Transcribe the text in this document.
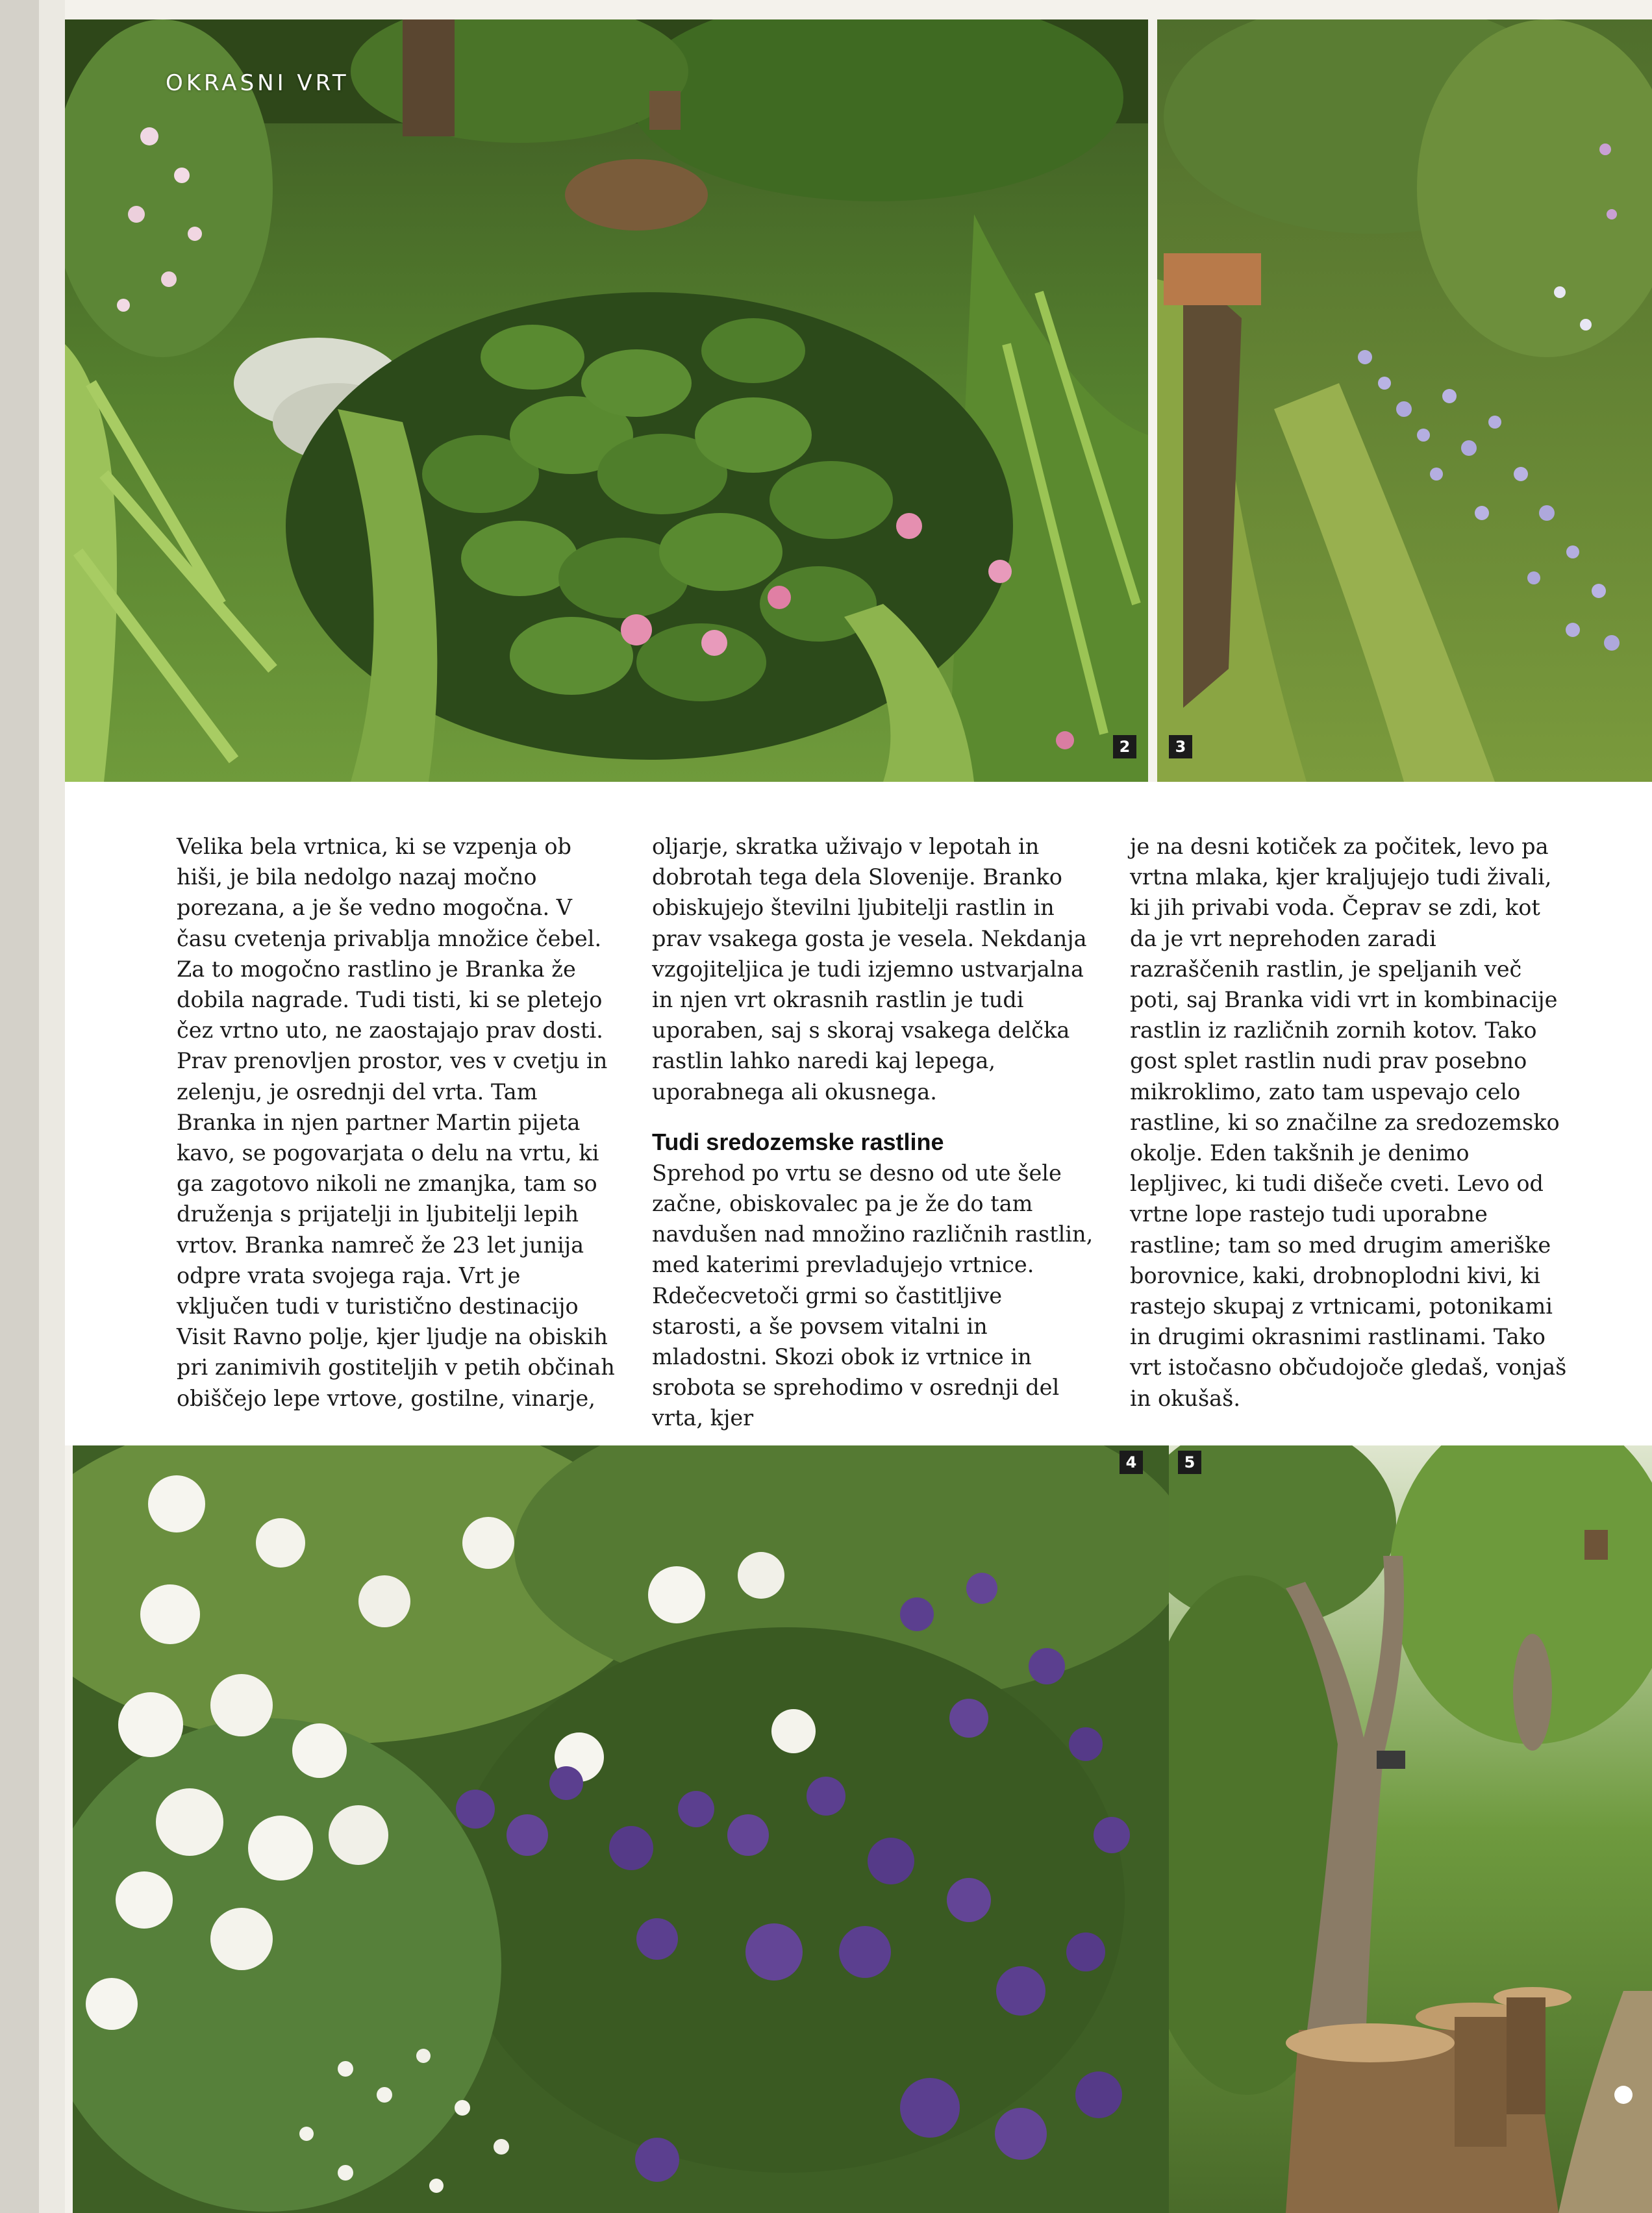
OKRASNI VRT
2	3

Velika bela vrtnica, ki se vzpenja ob hiši, je bila nedolgo nazaj močno porezana, a je še vedno mogočna. V času cvetenja privablja množice čebel. Za to mogočno rastlino je Branka že dobila nagrade. Tudi tisti, ki se pletejo čez vrtno uto, ne zaostajajo prav dosti. Prav prenovljen prostor, ves v cvetju in zelenju, je osrednji del vrta. Tam Branka in njen partner Martin pijeta kavo, se pogovarjata o delu na vrtu, ki ga zagotovo nikoli ne zmanjka, tam so druženja s prijatelji in ljubitelji lepih vrtov. Branka namreč že 23 let junija odpre vrata svojega raja. Vrt je vključen tudi v turistično destinacijo Visit Ravno polje, kjer ljudje na obiskih pri zanimivih gostiteljih v petih občinah obiščejo lepe vrtove, gostilne, vinarje,

oljarje, skratka uživajo v lepotah in dobrotah tega dela Slovenije. Branko obiskujejo številni ljubitelji rastlin in prav vsakega gosta je vesela. Nekdanja vzgojiteljica je tudi izjemno ustvarjalna in njen vrt okrasnih rastlin je tudi uporaben, saj s skoraj vsakega delčka rastlin lahko naredi kaj lepega, uporabnega ali okusnega.

Tudi sredozemske rastline

Sprehod po vrtu se desno od ute šele začne, obiskovalec pa je že do tam navdušen nad množino različnih rastlin, med katerimi prevladujejo vrtnice. Rdečecvetoči grmi so častitljive starosti, a še povsem vitalni in mladostni. Skozi obok iz vrtnice in srobota se sprehodimo v osrednji del vrta, kjer

je na desni kotiček za počitek, levo pa vrtna mlaka, kjer kraljujejo tudi živali, ki jih privabi voda. Čeprav se zdi, kot da je vrt neprehoden zaradi razraščenih rastlin, je speljanih več poti, saj Branka vidi vrt in kombinacije rastlin iz različnih zornih kotov. Tako gost splet rastlin nudi prav posebno mikroklimo, zato tam uspevajo celo rastline, ki so značilne za sredozemsko okolje. Eden takšnih je denimo lepljivec, ki tudi dišeče cveti. Levo od vrtne lope rastejo tudi uporabne rastline; tam so med drugim ameriške borovnice, kaki, drobnoplodni kivi, ki rastejo skupaj z vrtnicami, potonikami in drugimi okrasnimi rastlinami. Tako vrt istočasno občudojoče gledaš, vonjaš in okušaš.

4	5
